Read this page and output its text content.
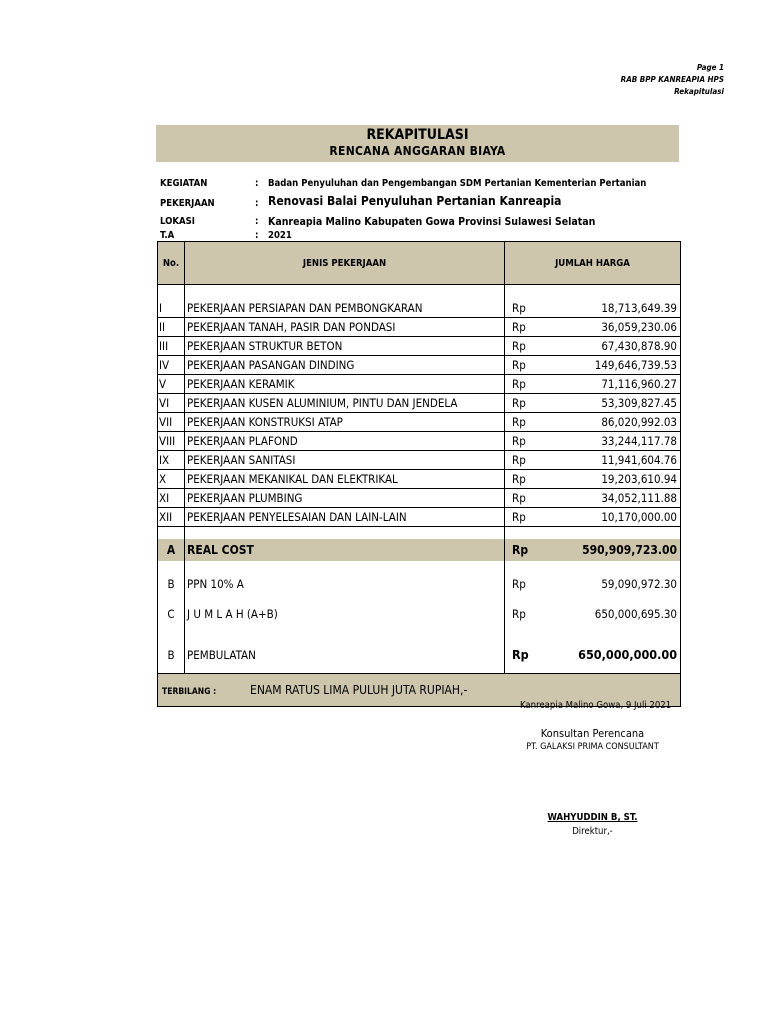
Page 1
RAB BPP KANREAPIA HPS
Rekapitulasi
REKAPITULASI
RENCANA ANGGARAN BIAYA
KEGIATAN	: Badan Penyuluhan dan Pengembangan SDM Pertanian Kementerian Pertanian
PEKERJAAN	: Renovasi Balai Penyuluhan Pertanian Kanreapia
LOKASI	: Kanreapia Malino Kabupaten Gowa Provinsi Sulawesi Selatan
T.A	: 2021
No.	JENIS PEKERJAAN	JUMLAH HARGA	

I	PEKERJAAN PERSIAPAN DAN PEMBONGKARAN	Rp	18,713,649.39
II	PEKERJAAN TANAH, PASIR DAN PONDASI	Rp	36,059,230.06
III	PEKERJAAN STRUKTUR BETON	Rp	67,430,878.90
IV	PEKERJAAN PASANGAN DINDING	Rp	149,646,739.53
V	PEKERJAAN KERAMIK	Rp	71,116,960.27
VI	PEKERJAAN KUSEN ALUMINIUM, PINTU DAN JENDELA	Rp	53,309,827.45
VII	PEKERJAAN KONSTRUKSI ATAP	Rp	86,020,992.03
VIII	PEKERJAAN PLAFOND	Rp	33,244,117.78
IX	PEKERJAAN SANITASI	Rp	11,941,604.76
X	PEKERJAAN MEKANIKAL DAN ELEKTRIKAL	Rp	19,203,610.94
XI	PEKERJAAN PLUMBING	Rp	34,052,111.88
XII	PEKERJAAN PENYELESAIAN DAN LAIN-LAIN	Rp	10,170,000.00

A	REAL COST	Rp	590,909,723.00
B	PPN 10% A	Rp	59,090,972.30
C	J U M L A H (A+B)	Rp	650,000,695.30
B	PEMBULATAN	Rp	650,000,000.00
TERBILANG : ENAM RATUS LIMA PULUH JUTA RUPIAH,-			
Kanreapia Malino Gowa, 9 Juli 2021
Konsultan Perencana
PT. GALAKSI PRIMA CONSULTANT
WAHYUDDIN B, ST.
Direktur,-
